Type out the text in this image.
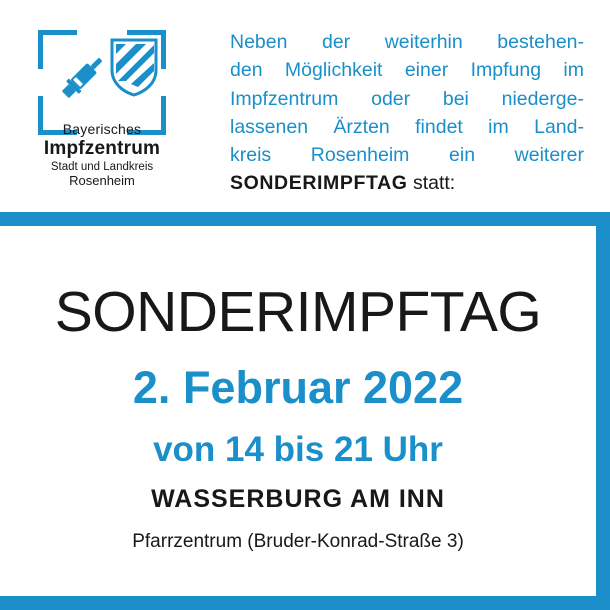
Bayerisches
Impfzentrum
Stadt und Landkreis
Rosenheim

Neben der weiterhin bestehen-

den Möglichkeit einer Impfung im

Impfzentrum oder bei niederge-

lassenen Ärzten findet im Land-

kreis Rosenheim ein weiterer

SONDERIMPFTAG statt:

SONDERIMPFTAG
2. Februar 2022
von 14 bis 21 Uhr
WASSERBURG AM INN
Pfarrzentrum (Bruder-Konrad-Straße 3)
